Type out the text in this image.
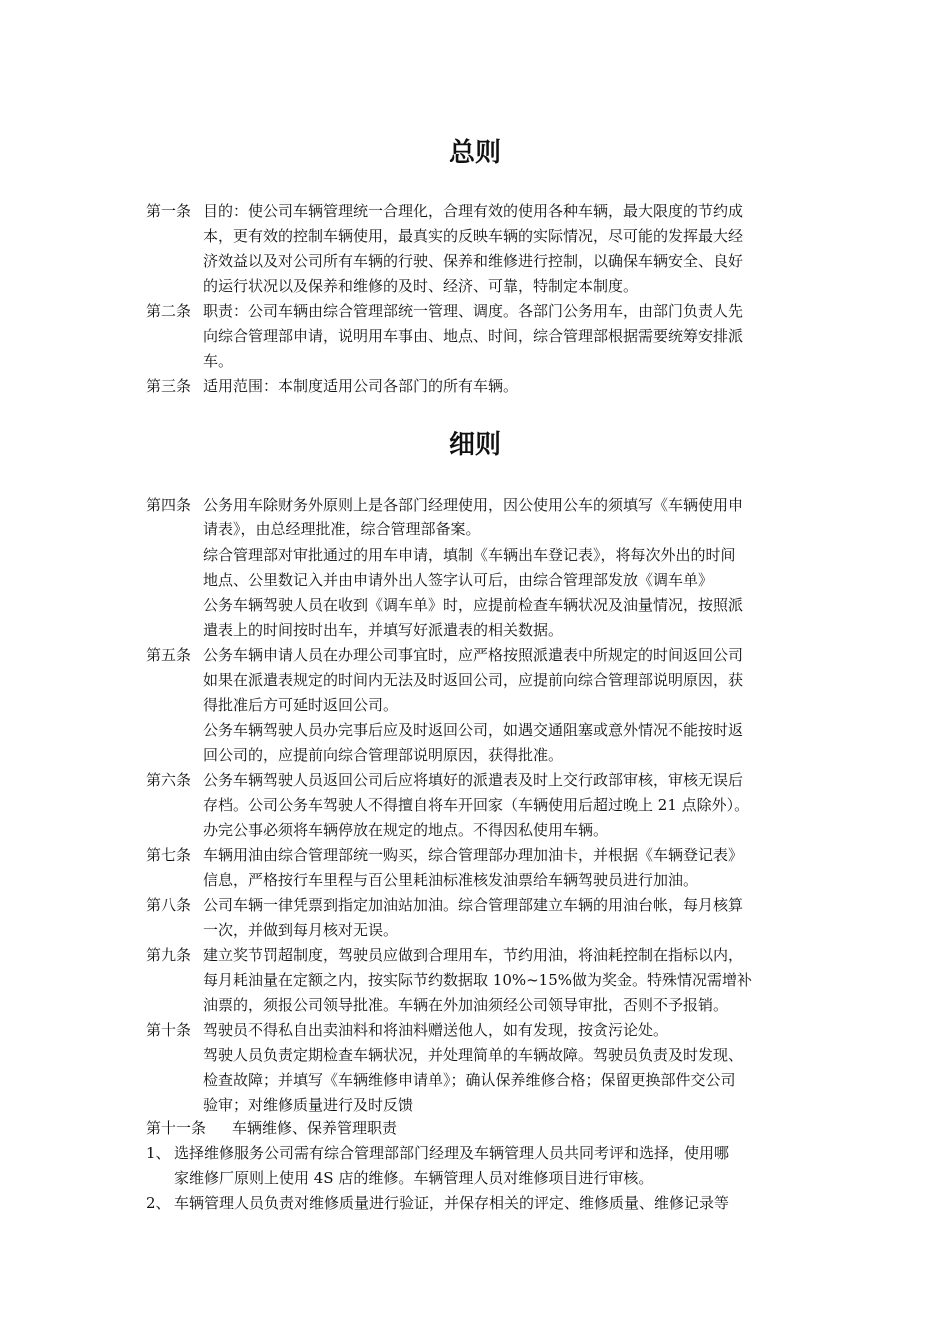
总则

第一条 目的：使公司车辆管理统一合理化，合理有效的使用各种车辆，最大限度的节约成

本，更有效的控制车辆使用，最真实的反映车辆的实际情况，尽可能的发挥最大经

济效益以及对公司所有车辆的行驶、保养和维修进行控制，以确保车辆安全、良好

的运行状况以及保养和维修的及时、经济、可靠，特制定本制度。

第二条 职责：公司车辆由综合管理部统一管理、调度。各部门公务用车，由部门负责人先

向综合管理部申请，说明用车事由、地点、时间，综合管理部根据需要统筹安排派

车。

第三条 适用范围：本制度适用公司各部门的所有车辆。

细则

第四条 公务用车除财务外原则上是各部门经理使用，因公使用公车的须填写《车辆使用申

请表》，由总经理批准，综合管理部备案。

综合管理部对审批通过的用车申请，填制《车辆出车登记表》，将每次外出的时间

地点、公里数记入并由申请外出人签字认可后，由综合管理部发放《调车单》

公务车辆驾驶人员在收到《调车单》时，应提前检查车辆状况及油量情况，按照派

遣表上的时间按时出车，并填写好派遣表的相关数据。

第五条 公务车辆申请人员在办理公司事宜时，应严格按照派遣表中所规定的时间返回公司

如果在派遣表规定的时间内无法及时返回公司，应提前向综合管理部说明原因，获

得批准后方可延时返回公司。

公务车辆驾驶人员办完事后应及时返回公司，如遇交通阻塞或意外情况不能按时返

回公司的，应提前向综合管理部说明原因，获得批准。

第六条 公务车辆驾驶人员返回公司后应将填好的派遣表及时上交行政部审核，审核无误后

存档。公司公务车驾驶人不得擅自将车开回家（车辆使用后超过晚上 21 点除外）。

办完公事必须将车辆停放在规定的地点。不得因私使用车辆。

第七条 车辆用油由综合管理部统一购买，综合管理部办理加油卡，并根据《车辆登记表》

信息，严格按行车里程与百公里耗油标准核发油票给车辆驾驶员进行加油。

第八条 公司车辆一律凭票到指定加油站加油。综合管理部建立车辆的用油台帐，每月核算

一次，并做到每月核对无误。

第九条 建立奖节罚超制度，驾驶员应做到合理用车，节约用油，将油耗控制在指标以内，

每月耗油量在定额之内，按实际节约数据取 10%~15%做为奖金。特殊情况需增补

油票的，须报公司领导批准。车辆在外加油须经公司领导审批，否则不予报销。

第十条 驾驶员不得私自出卖油料和将油料赠送他人，如有发现，按贪污论处。

驾驶人员负责定期检查车辆状况，并处理简单的车辆故障。驾驶员负责及时发现、

检查故障；并填写《车辆维修申请单》；确认保养维修合格；保留更换部件交公司

验审；对维修质量进行及时反馈

第十一条 车辆维修、保养管理职责

1、 选择维修服务公司需有综合管理部部门经理及车辆管理人员共同考评和选择，使用哪

家维修厂原则上使用 4S 店的维修。车辆管理人员对维修项目进行审核。

2、 车辆管理人员负责对维修质量进行验证，并保存相关的评定、维修质量、维修记录等
